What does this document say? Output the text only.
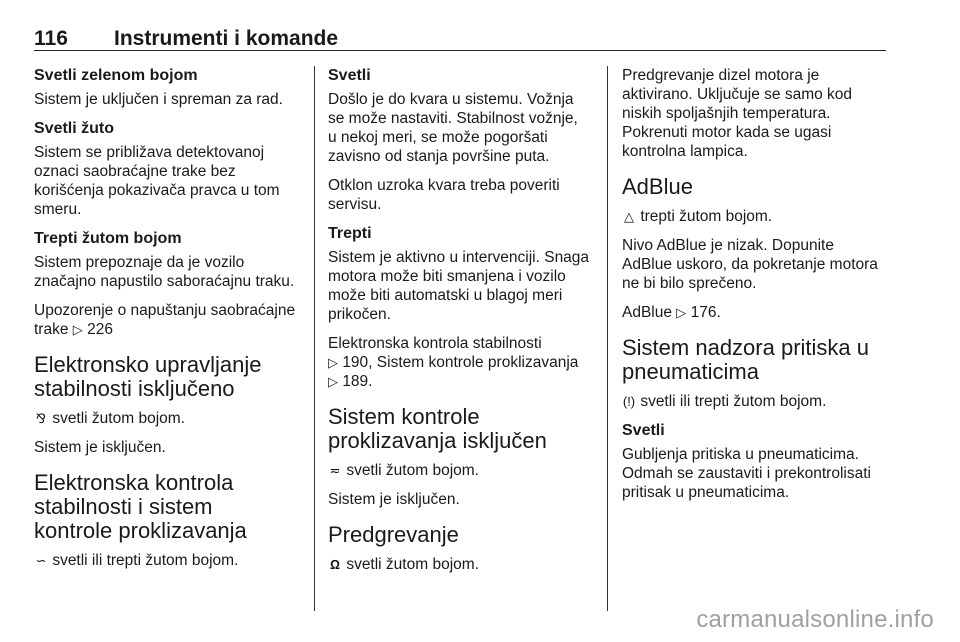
116 Instrumenti i komande
Svetli zelenom bojom
Sistem je uključen i spreman za rad.
Svetli žuto
Sistem se približava detektovanoj oznaci saobraćajne trake bez korišćenja pokazivača pravca u tom smeru.
Trepti žutom bojom
Sistem prepoznaje da je vozilo značajno napustilo saborаćajnu traku.
Upozorenje o napuštanju saobraćajne trake ▷ 226
Elektronsko upravljanje stabilnosti isključeno
⅋ svetli žutom bojom.
Sistem je isključen.
Elektronska kontrola stabilnosti i sistem kontrole proklizavanja
∽ svetli ili trepti žutom bojom.
Svetli
Došlo je do kvara u sistemu. Vožnja se može nastaviti. Stabilnost vožnje, u nekoj meri, se može pogoršati zavisno od stanja površine puta.
Otklon uzroka kvara treba poveriti servisu.
Trepti
Sistem je aktivno u intervenciji. Snaga motora može biti smanjena i vozilo može biti automatski u blagoj meri prikočen.
Elektronska kontrola stabilnosti
▷ 190, Sistem kontrole proklizavanja
▷ 189.
Sistem kontrole proklizavanja isključen
≂ svetli žutom bojom.
Sistem je isključen.
Predgrevanje
Ω svetli žutom bojom.
Predgrevanje dizel motora je aktivirano. Uključuje se samo kod niskih spoljašnjih temperatura. Pokrenuti motor kada se ugasi kontrolna lampica.
AdBlue
△ trepti žutom bojom.
Nivo AdBlue je nizak. Dopunite AdBlue uskoro, da pokretanje motora ne bi bilo sprečeno.
AdBlue ▷ 176.
Sistem nadzora pritiska u pneumaticima
(!) svetli ili trepti žutom bojom.
Svetli
Gubljenja pritiska u pneumaticima. Odmah se zaustaviti i prekontrolisati pritisak u pneumaticima.
carmanualsonline.info
